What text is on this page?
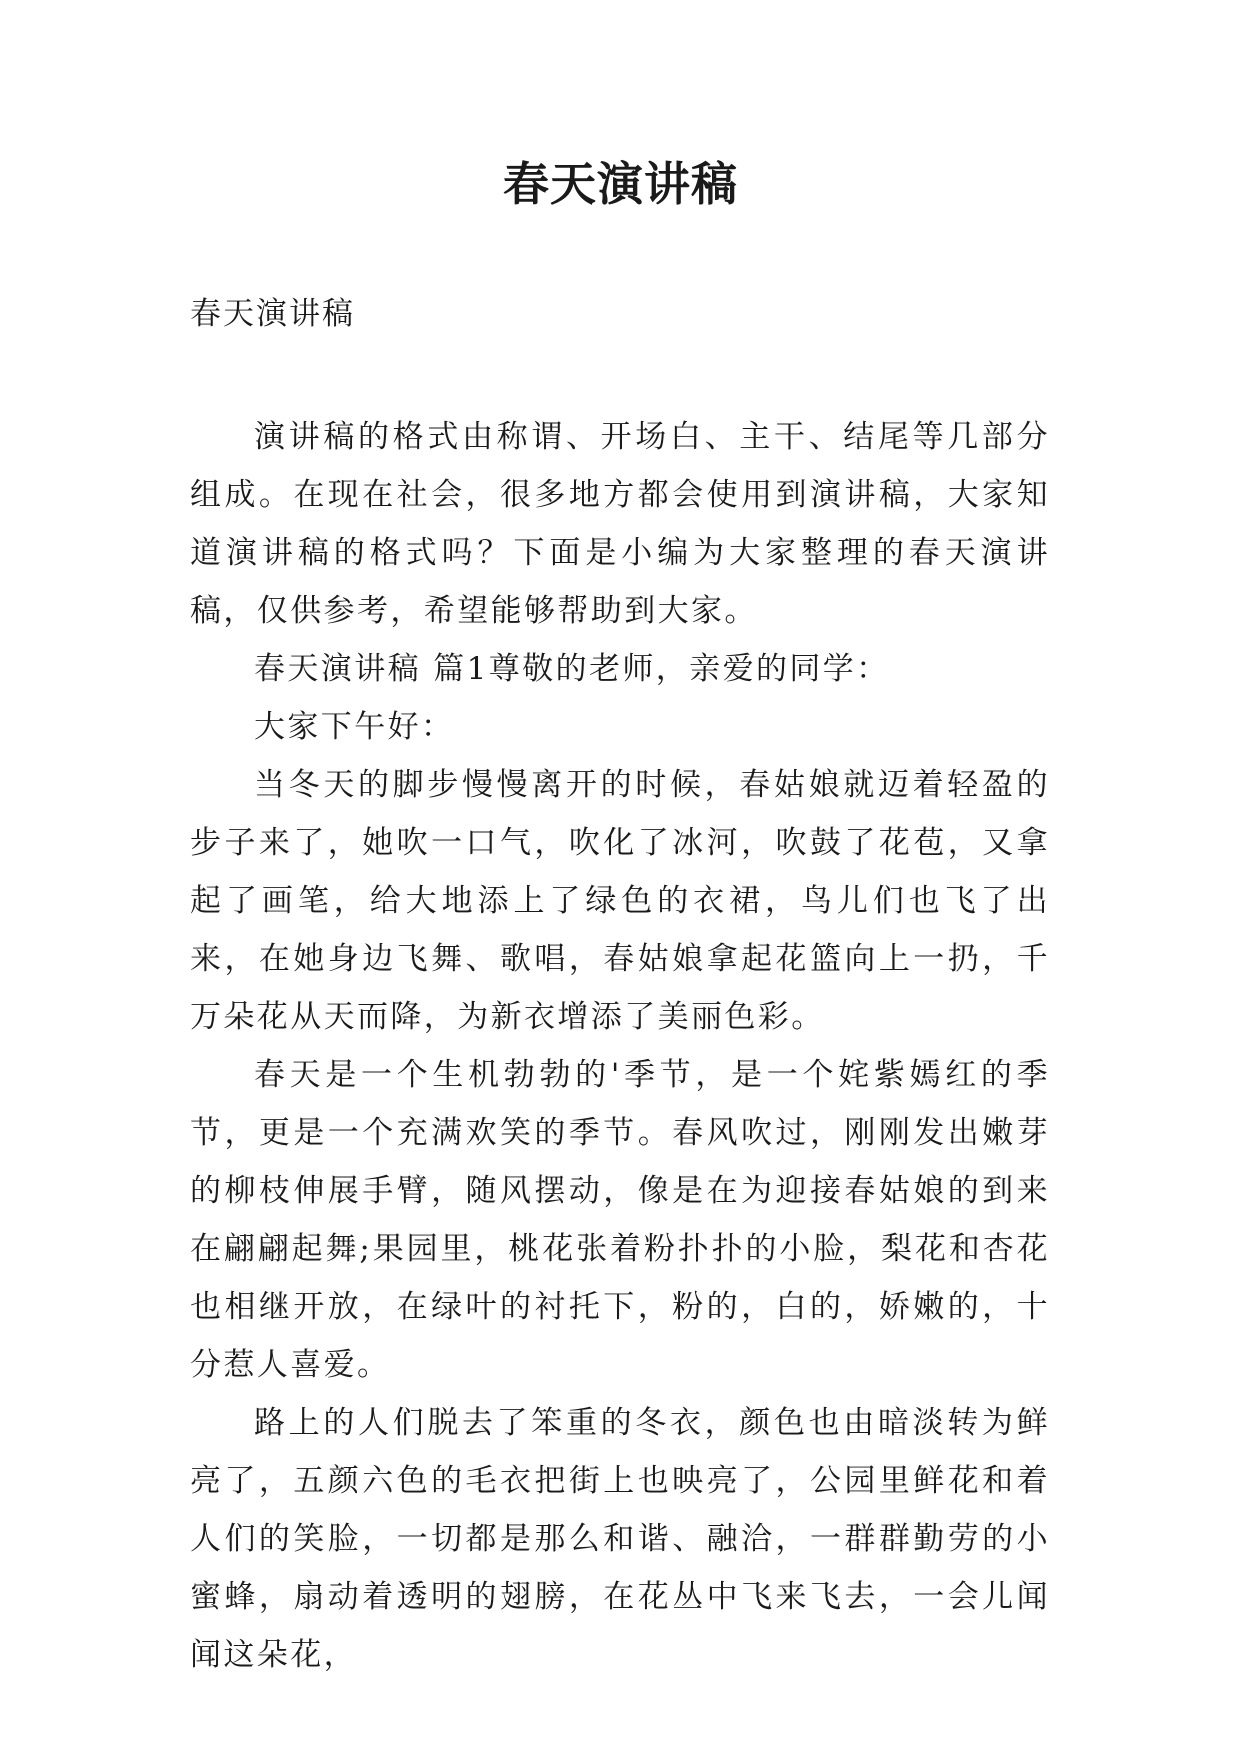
春天演讲稿
春天演讲稿

演讲稿的格式由称谓、开场白、主干、结尾等几部分组成。在现在社会，很多地方都会使用到演讲稿，大家知道演讲稿的格式吗？下面是小编为大家整理的春天演讲稿，仅供参考，希望能够帮助到大家。

春天演讲稿 篇1尊敬的老师，亲爱的同学：

大家下午好：

当冬天的脚步慢慢离开的时候，春姑娘就迈着轻盈的步子来了，她吹一口气，吹化了冰河，吹鼓了花苞，又拿起了画笔，给大地添上了绿色的衣裙，鸟儿们也飞了出来，在她身边飞舞、歌唱，春姑娘拿起花篮向上一扔，千万朵花从天而降，为新衣增添了美丽色彩。

春天是一个生机勃勃的'季节，是一个姹紫嫣红的季节，更是一个充满欢笑的季节。春风吹过，刚刚发出嫩芽的柳枝伸展手臂，随风摆动，像是在为迎接春姑娘的到来在翩翩起舞;果园里，桃花张着粉扑扑的小脸，梨花和杏花也相继开放，在绿叶的衬托下，粉的，白的，娇嫩的，十分惹人喜爱。

路上的人们脱去了笨重的冬衣，颜色也由暗淡转为鲜亮了，五颜六色的毛衣把街上也映亮了，公园里鲜花和着人们的笑脸，一切都是那么和谐、融洽，一群群勤劳的小蜜蜂，扇动着透明的翅膀，在花丛中飞来飞去，一会儿闻闻这朵花，
